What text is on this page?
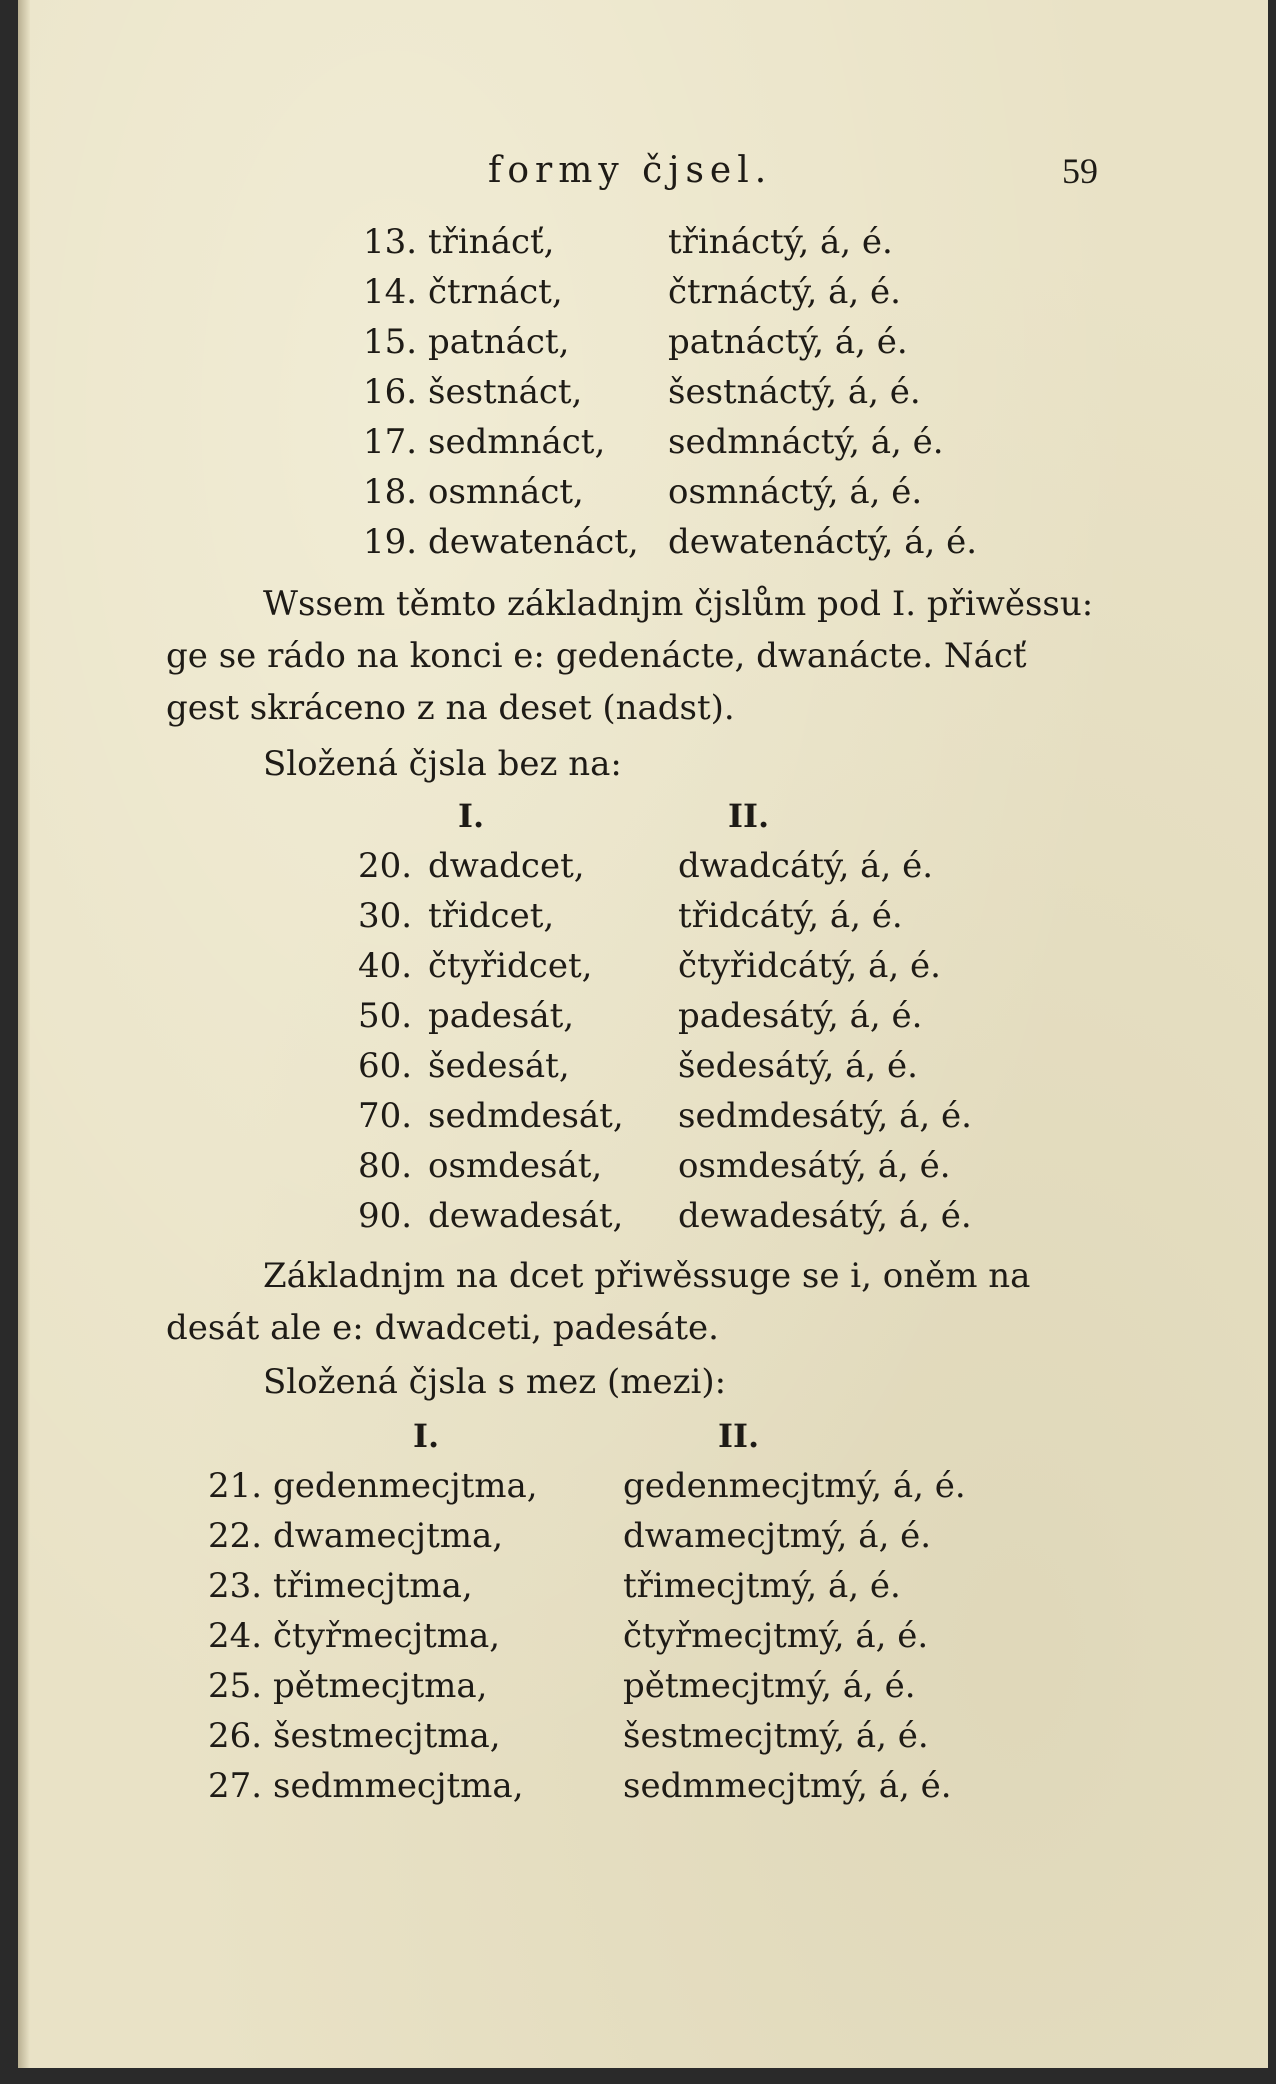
formy čjsel.	59
13. třinácť,	třináctý, á, é.
14. čtrnáct,	čtrnáctý, á, é.
15. patnáct,	patnáctý, á, é.
16. šestnáct,	šestnáctý, á, é.
17. sedmnáct, sedmnáctý, á, é.
18. osmnáct, osmnáctý, á, é.
19. dewatenáct, dewatenáctý, á, é.
Wssem těmto základnjm čjslům pod I. přiwěssu:
ge se rádo na konci e: gedenácte, dwanácte. Nácť
gest skráceno z na deset (nadst).
Složená čjsla bez na:
I.	II.
20. dwadcet,	dwadcátý, á, é.
30. třidcet,	třidcátý, á, é.
40. čtyřidcet,	čtyřidcátý, á, é.
50. padesát,	padesátý, á, é.
60. šedesát,	šedesátý, á, é.
70. sedmdesát, sedmdesátý, á, é.
80. osmdesát, osmdesátý, á, é.
90. dewadesát, dewadesátý, á, é.
Základnjm na dcet přiwěssuge se i, oněm na
desát ale e: dwadceti, padesáte.
Složená čjsla s mez (mezi):
I.	II.
21. gedenmecjtma,	gedenmecjtmý, á, é.
22. dwamecjtma,	dwamecjtmý, á, é.
23. třimecjtma,	třimecjtmý, á, é.
24. čtyřmecjtma,	čtyřmecjtmý, á, é.
25. pětmecjtma,	pětmecjtmý, á, é.
26. šestmecjtma,	šestmecjtmý, á, é.
27. sedmmecjtma,	sedmmecjtmý, á, é.
